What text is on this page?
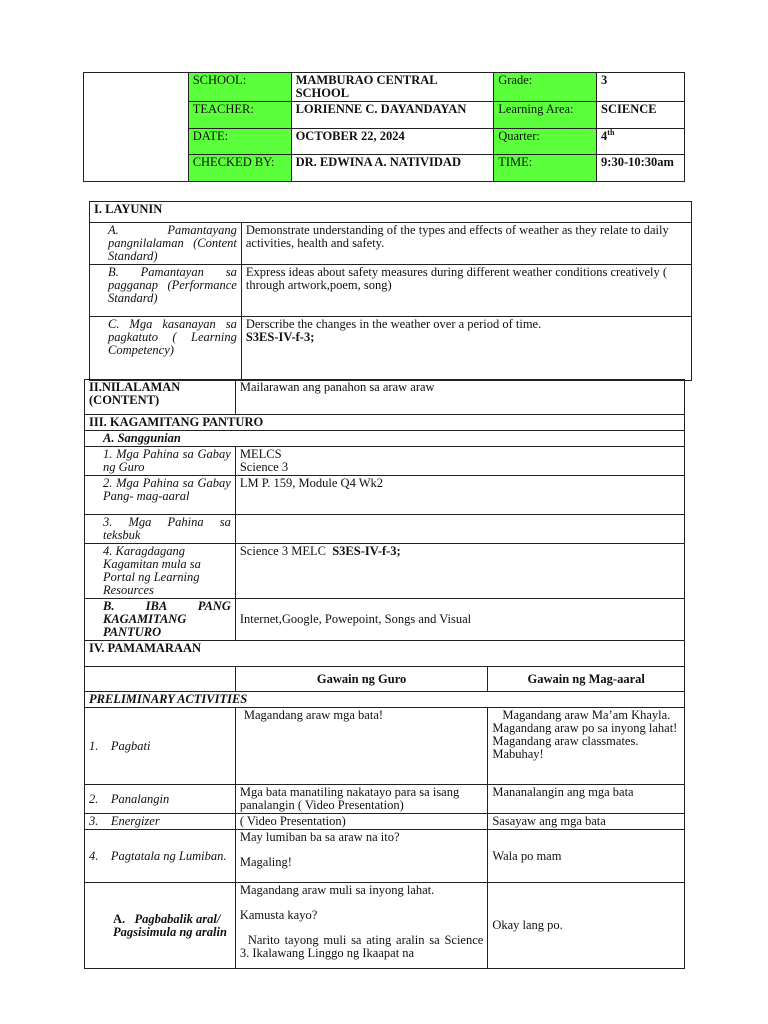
	SCHOOL:	MAMBURAO CENTRAL SCHOOL	Grade:	3
	TEACHER:	LORIENNE C. DAYANDAYAN	Learning Area:	SCIENCE
	DATE:	OCTOBER 22, 2024	Quarter:	4th
	CHECKED BY:	DR. EDWINA A. NATIVIDAD	TIME:	9:30-10:30am
I. LAYUNIN	
A. Pamantayang pangnilalaman (Content Standard)	Demonstrate understanding of the types and effects of weather as they relate to daily activities, health and safety.
B. Pamantayan sa pagganap (Performance Standard)	Express ideas about safety measures during different weather conditions creatively ( through artwork,poem, song)
C. Mga kasanayan sa pagkatuto ( Learning Competency)	Derscribe the changes in the weather over a period of time.

S3ES-IV-f-3;

II.NILALAMAN (CONTENT)	Mailarawan ang panahon sa araw araw	
III. KAGAMITANG PANTURO		
A. Sanggunian		
1. Mga Pahina sa Gabay ng Guro	MELCS

Science 3	

2. Mga Pahina sa Gabay Pang- mag-aaral	LM P. 159, Module Q4 Wk2	
3. Mga Pahina sa teksbuk		
4. Karagdagang Kagamitan mula sa Portal ng Learning Resources	Science 3 MELC S3ES-IV-f-3;	
B. IBA PANG KAGAMITANG PANTURO	Internet,Google, Powepoint, Songs and Visual	
IV. PAMAMARAAN		
	Gawain ng Guro	Gawain ng Mag-aaral
PRELIMINARY ACTIVITIES		
1. Pagbati	Magandang araw mga bata!	Magandang araw Ma’am Khayla.

Magandang araw po sa inyong lahat!

Magandang araw classmates.

Mabuhay!

2. Panalangin	Mga bata manatiling nakatayo para sa isang panalangin ( Video Presentation)	Mananalangin ang mga bata
3. Energizer	( Video Presentation)	Sasayaw ang mga bata
4. Pagtatala ng Lumiban.	May lumiban ba sa araw na ito?

Magaling!	Wala po mam
A. Pagbabalik aral/ Pagsisimula ng aralin	Magandang araw muli sa inyong lahat.

Kamusta kayo?

Narito tayong muli sa ating aralin sa Science 3. Ikalawang Linggo ng Ikaapat na	Okay lang po.
